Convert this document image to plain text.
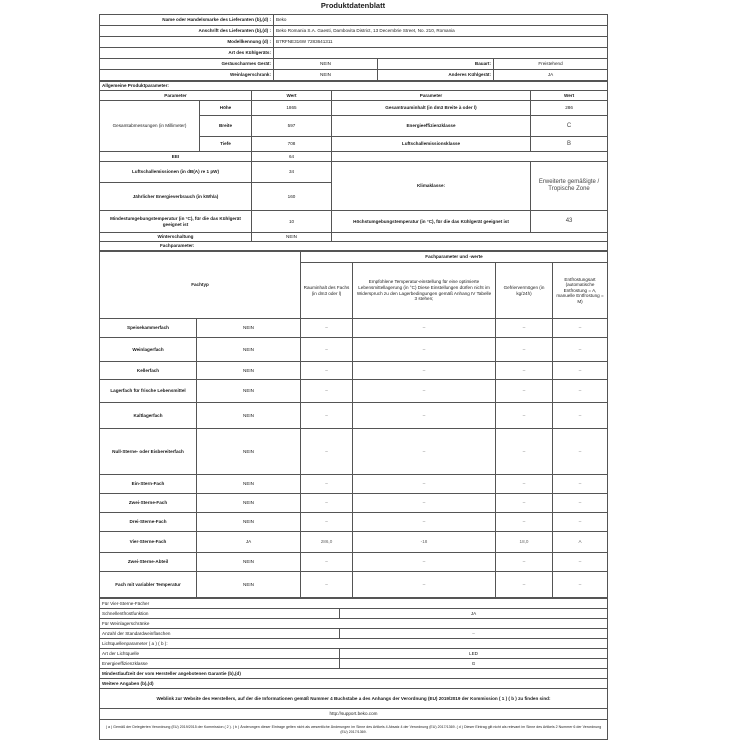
Produktdatenblatt
Name oder Handelsmarke des Lieferanten (b),(d) :	Beko		
Anschrift des Lieferanten (b),(d) :	Beko Romania S.A. Gaesti, Dambovita District, 13 Decembrie Street, No. 210, Romania		
Modellkennung (d) :	B7RFNE316W 7283641311		
Art des Kühlgeräts:			
Geräuscharmes Gerät:	NEIN	Bauart:	Freistehend
Weinlagerschrank:	NEIN	Anderes Kühlgerät:	JA
Allgemeine Produktparameter:				
Parameter		Wert	Parameter	Wert
Gesamtabmessungen (in Millimeter)	Höhe	1865	Gesamtrauminhalt (in dm3 Breite à oder l)	286
	Breite	597	Energieeffizienzklasse	C
	Tiefe	708	Luftschallemissionsklasse	B
EEI		64		
Luftschallemissionen (in dB(A) re 1 pW)		34	Klimaklasse:	Erweiterte gemäßigte / Tropische Zone
Jährlicher Energieverbrauch (in kWh/a)		160		
Mindestumgebungstemperatur (in °C), für die das Kühlgerät geeignet ist		10	Höchstumgebungstemperatur (in °C), für die das Kühlgerät geeignet ist	43
Winterschaltung		NEIN		
Fachparameter:				
Fachtyp		Fachparameter und -werte			
		Rauminhalt des Fachs (in dm3 oder l)	Empfohlene Temperatur-einstellung für eine optimierte Lebensmittellagerung (in °C) Diese Einstellungen dürfen nicht im Widerspruch zu den Lagerbedingungen gemäß Anhang IV Tabelle 3 stehen;	Gefriervermögen (in kg/24h)	Entfrostungsart (automatische Entfrostung = A, manuelle Entfrostung = M)
Speisekammerfach	NEIN	–	–	–	–
Weinlagerfach	NEIN	–	–	–	–
Kellerfach	NEIN	–	–	–	–
Lagerfach für frische Lebensmittel	NEIN	–	–	–	–
Kaltlagerfach	NEIN	–	–	–	–
Null-Sterne- oder Eisbereiterfach	NEIN	–	–	–	–
Ein-Stern-Fach	NEIN	–	–	–	–
Zwei-Sterne-Fach	NEIN	–	–	–	–
Drei-Sterne-Fach	NEIN	–	–	–	–
Vier-Sterne-Fach	JA	286,0	-18	18,0	A
Zwei-Sterne-Abteil	NEIN	–	–	–	–
Fach mit variabler Temperatur	NEIN	–	–	–	–
Für Vier-Sterne-Fächer	
Schnellentfrostfunktion	JA
Für Weinlagerschränke	
Anzahl der Standardweinflaschen	–
Lichtquellenparameter ( a ) ( b ):	
Art der Lichtquelle	LED
Energieeffizienzklasse	G
Mindestlaufzeit der vom Hersteller angebotenen Garantie (b),(d)	
Weitere Angaben (b),(d)	
Weblink zur Website des Herstellers, auf der die Informationen gemäß Nummer 4 Buchstabe a des Anhangs der Verordnung (EU) 2019/2019 der Kommission ( 1 ) ( b ) zu finden sind:	
http://support.beko.com	
( a ) Gemäß der Delegierten Verordnung (EU) 2019/2015 der Kommission ( 2 ). ( b ) Änderungen dieser Eintrage gelten nicht als wesentliche Änderungen im Sinne des Artikels 4 Absatz 4 der Verordnung (EU) 2017/1369. ( d ) Dieser Eintrag gilt nicht als relevant im Sinne des Artikels 2 Nummer 6 der Verordnung (EU) 2017/1369.	
